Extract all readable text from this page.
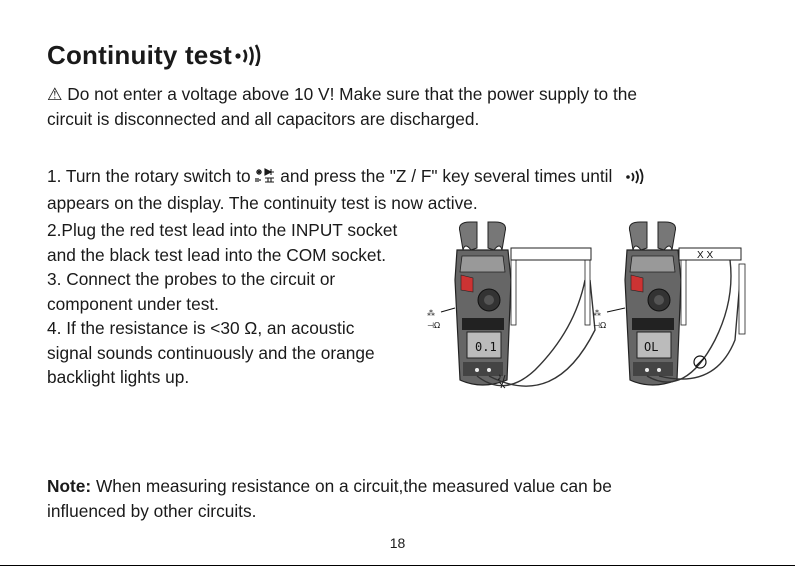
Continuity test
⚠ Do not enter a voltage above 10 V! Make sure that the power supply to the
circuit is disconnected and all capacitors are discharged.
1. Turn the rotary switch to and press the "Z / F" key several times until
appears on the display. The continuity test is now active.
2.Plug the red test lead into the INPUT socket
and the black test lead into the COM socket.
3. Connect the probes to the circuit or
component under test.
4. If the resistance is <30 Ω, an acoustic
signal sounds continuously and the orange
backlight lights up.
0.1
⁂
⊣Ω
♪
OL
⁂
⊣Ω
X X
Note: When measuring resistance on a circuit,the measured value can be
influenced by other circuits.

18
